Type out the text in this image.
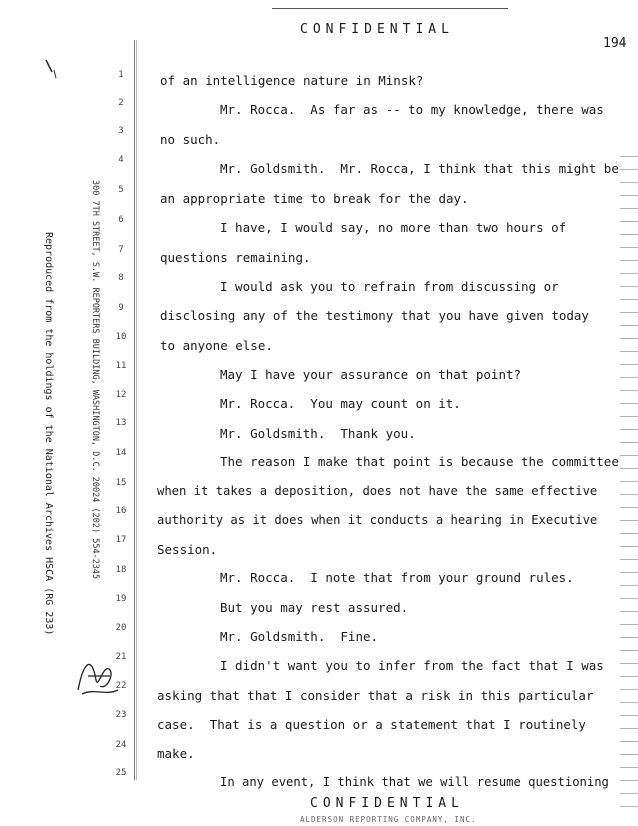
CONFIDENTIAL
194
Reproduced from the holdings of the National Archives HSCA (RG 233)	300 7TH STREET, S.W. REPORTERS BUILDING, WASHINGTON, D.C. 20024 (202) 554-2345
1
2
3
4
5
6
7
8
9
10
11
12
13
14
15
16
17
18
19
20
21
22
23
24
25
of an intelligence nature in Minsk?
Mr. Rocca.  As far as -- to my knowledge, there was
no such.
Mr. Goldsmith.  Mr. Rocca, I think that this might be
an appropriate time to break for the day.
I have, I would say, no more than two hours of
questions remaining.
I would ask you to refrain from discussing or
disclosing any of the testimony that you have given today
to anyone else.
May I have your assurance on that point?
Mr. Rocca.  You may count on it.
Mr. Goldsmith.  Thank you.
The reason I make that point is because the committee
when it takes a deposition, does not have the same effective
authority as it does when it conducts a hearing in Executive
Session.
Mr. Rocca.  I note that from your ground rules.
But you may rest assured.
Mr. Goldsmith.  Fine.
I didn't want you to infer from the fact that I was
asking that that I consider that a risk in this particular
case.  That is a question or a statement that I routinely
make.
In any event, I think that we will resume questioning
CONFIDENTIAL
ALDERSON REPORTING COMPANY, INC.
